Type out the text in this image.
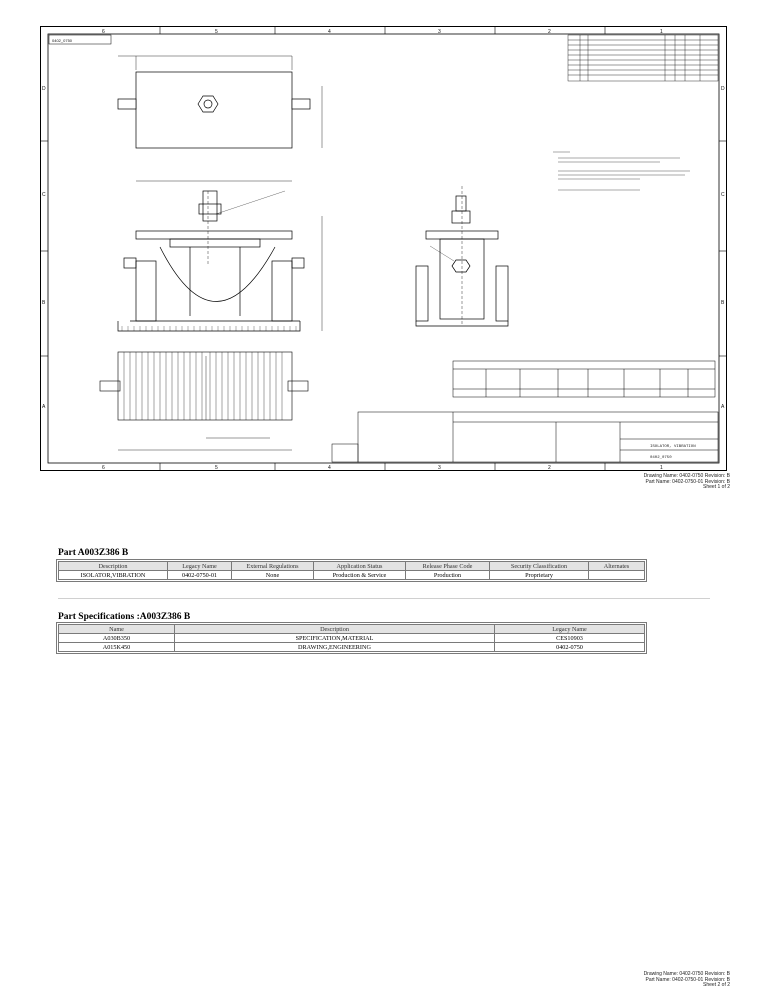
6	5	4	3	2	1
6	5	4	3	2	1
D
C
B
A
D
C
B
A
0402_0750
ISOLATOR, VIBRATION
0402_0750
Drawing Name: 0402-0750 Revision: B
Part Name: 0402-0750-01 Revision: B
Sheet 1 of 2
Part A003Z386 B
Description	Legacy Name	External Regulations	Application Status	Release Phase Code	Security Classification	Alternates
ISOLATOR,VIBRATION	0402-0750-01	None	Production & Service	Production	Proprietary	
Part Specifications :A003Z386 B
Name	Description	Legacy Name
A030B350	SPECIFICATION,MATERIAL	CES10903
A015K450	DRAWING,ENGINEERING	0402-0750
Drawing Name: 0402-0750 Revision: B
Part Name: 0402-0750-01 Revision: B
Sheet 2 of 2
